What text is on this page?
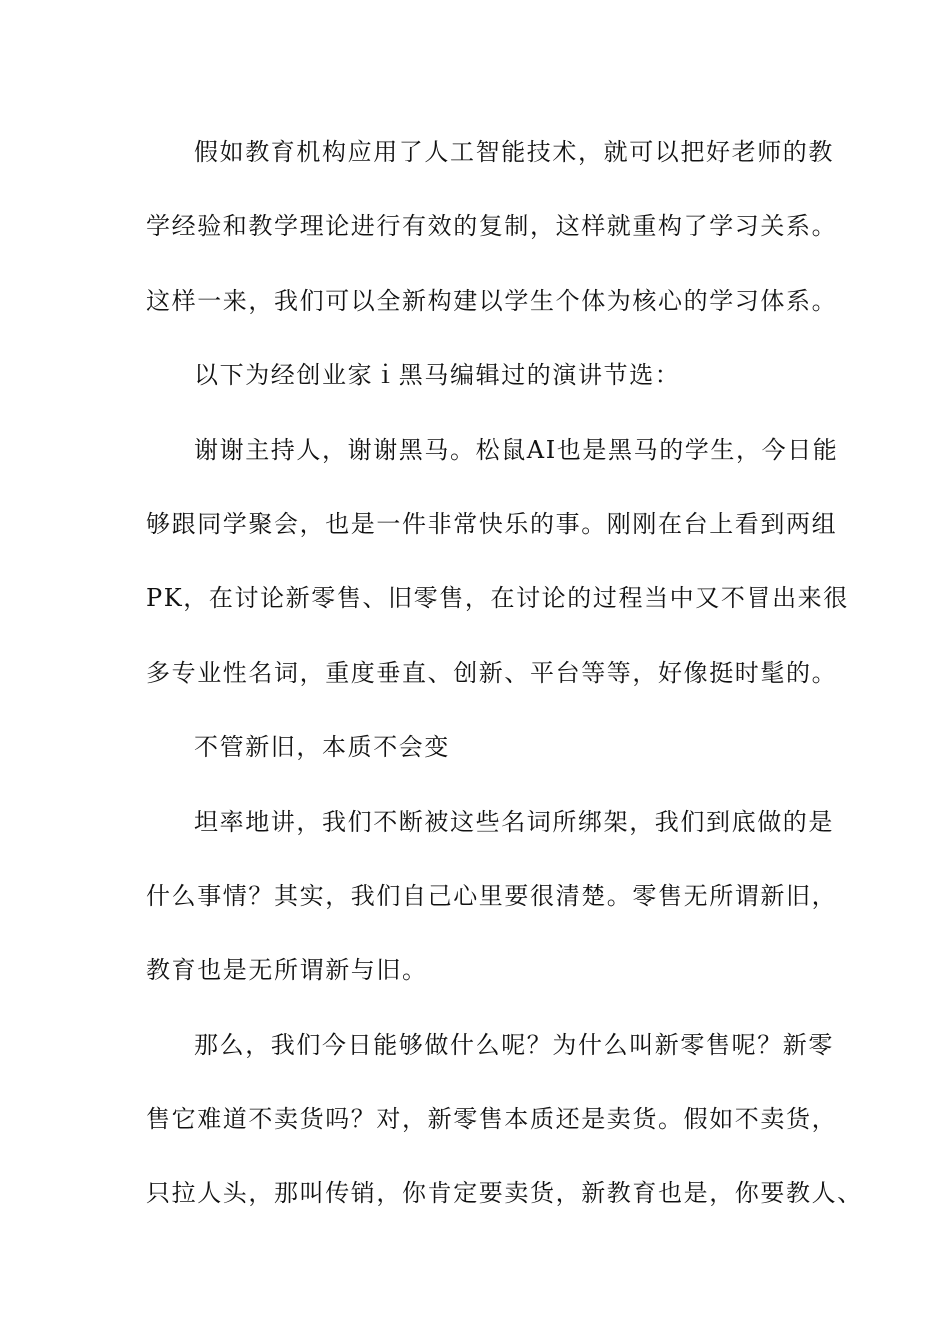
假如教育机构应用了人工智能技术，就可以把好老师的教
学经验和教学理论进行有效的复制，这样就重构了学习关系。
这样一来，我们可以全新构建以学生个体为核心的学习体系。
以下为经创业家ｉ黑马编辑过的演讲节选：
谢谢主持人，谢谢黑马。松鼠AI也是黑马的学生，今日能
够跟同学聚会，也是一件非常快乐的事。刚刚在台上看到两组
PK，在讨论新零售、旧零售，在讨论的过程当中又不冒出来很
多专业性名词，重度垂直、创新、平台等等，好像挺时髦的。
不管新旧，本质不会变
坦率地讲，我们不断被这些名词所绑架，我们到底做的是
什么事情？其实，我们自己心里要很清楚。零售无所谓新旧，
教育也是无所谓新与旧。
那么，我们今日能够做什么呢？为什么叫新零售呢？新零
售它难道不卖货吗？对，新零售本质还是卖货。假如不卖货，
只拉人头，那叫传销，你肯定要卖货，新教育也是，你要教人、
